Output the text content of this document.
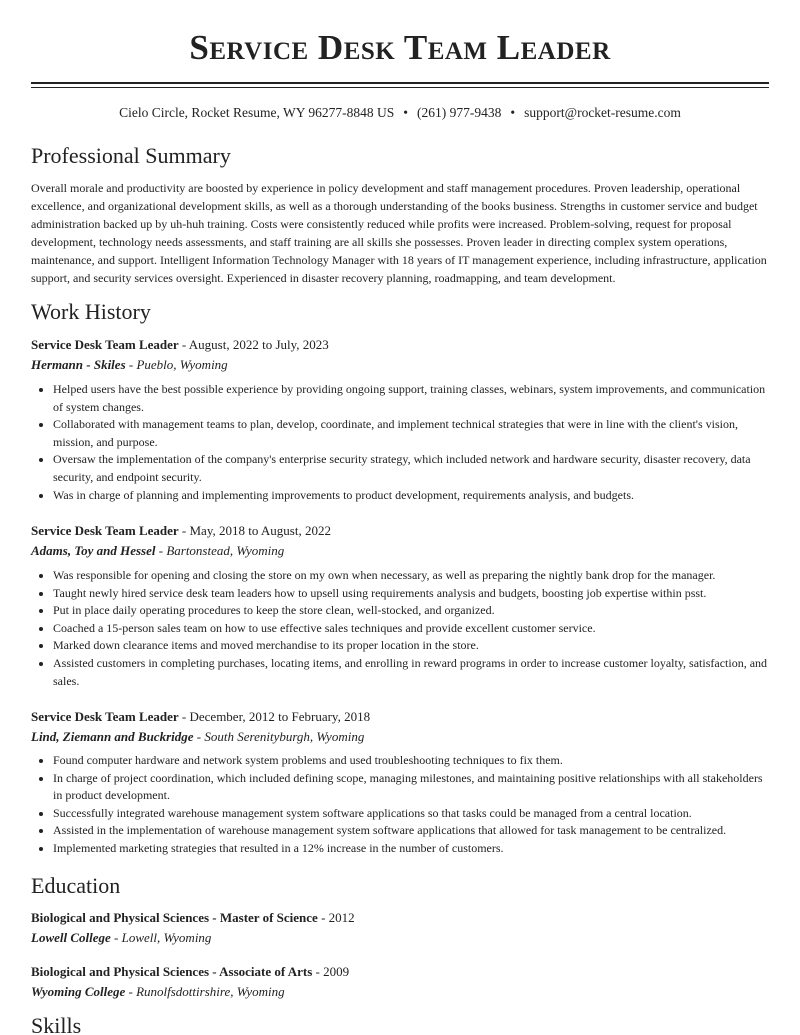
Service Desk Team Leader
Cielo Circle, Rocket Resume, WY 96277-8848 US • (261) 977-9438 • support@rocket-resume.com
Professional Summary

Overall morale and productivity are boosted by experience in policy development and staff management procedures. Proven leadership, operational excellence, and organizational development skills, as well as a thorough understanding of the books business. Strengths in customer service and budget administration backed up by uh-huh training. Costs were consistently reduced while profits were increased. Problem-solving, request for proposal development, technology needs assessments, and staff training are all skills she possesses. Proven leader in directing complex system operations, maintenance, and support. Intelligent Information Technology Manager with 18 years of IT management experience, including infrastructure, application support, and security services oversight. Experienced in disaster recovery planning, roadmapping, and team development.

Work History
Service Desk Team Leader - August, 2022 to July, 2023
Hermann - Skiles - Pueblo, Wyoming
• Helped users have the best possible experience by providing ongoing support, training classes, webinars, system improvements, and communication of system changes.
• Collaborated with management teams to plan, develop, coordinate, and implement technical strategies that were in line with the client's vision, mission, and purpose.
• Oversaw the implementation of the company's enterprise security strategy, which included network and hardware security, disaster recovery, data security, and endpoint security.
• Was in charge of planning and implementing improvements to product development, requirements analysis, and budgets.
Service Desk Team Leader - May, 2018 to August, 2022
Adams, Toy and Hessel - Bartonstead, Wyoming
• Was responsible for opening and closing the store on my own when necessary, as well as preparing the nightly bank drop for the manager.
• Taught newly hired service desk team leaders how to upsell using requirements analysis and budgets, boosting job expertise within psst.
• Put in place daily operating procedures to keep the store clean, well-stocked, and organized.
• Coached a 15-person sales team on how to use effective sales techniques and provide excellent customer service.
• Marked down clearance items and moved merchandise to its proper location in the store.
• Assisted customers in completing purchases, locating items, and enrolling in reward programs in order to increase customer loyalty, satisfaction, and sales.
Service Desk Team Leader - December, 2012 to February, 2018
Lind, Ziemann and Buckridge - South Serenityburgh, Wyoming
• Found computer hardware and network system problems and used troubleshooting techniques to fix them.
• In charge of project coordination, which included defining scope, managing milestones, and maintaining positive relationships with all stakeholders in product development.
• Successfully integrated warehouse management system software applications so that tasks could be managed from a central location.
• Assisted in the implementation of warehouse management system software applications that allowed for task management to be centralized.
• Implemented marketing strategies that resulted in a 12% increase in the number of customers.
Education
Biological and Physical Sciences - Master of Science - 2012
Lowell College - Lowell, Wyoming
Biological and Physical Sciences - Associate of Arts - 2009
Wyoming College - Runolfsdottirshire, Wyoming
Skills
